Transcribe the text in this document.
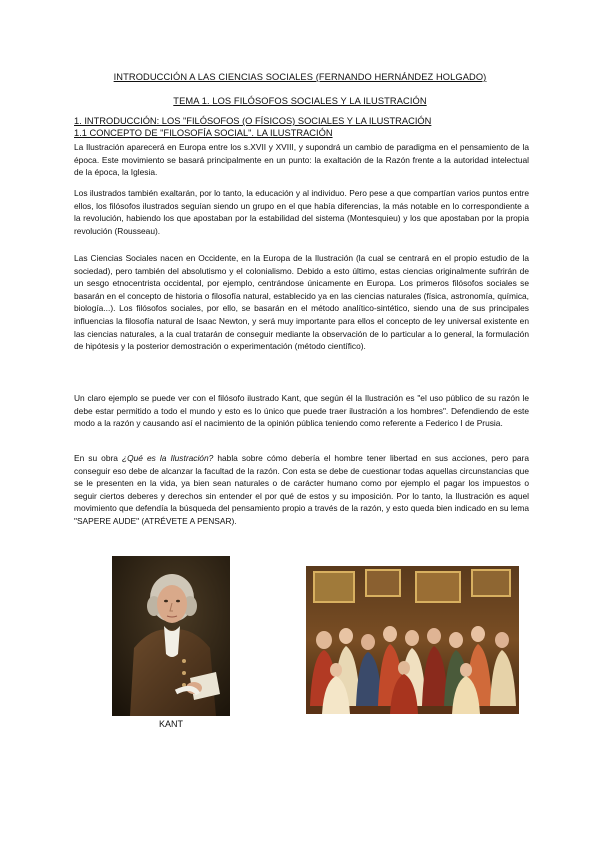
INTRODUCCIÓN A LAS CIENCIAS SOCIALES (FERNANDO HERNÁNDEZ HOLGADO)
TEMA 1. LOS FILÓSOFOS SOCIALES Y LA ILUSTRACIÓN
1. INTRODUCCIÓN: LOS "FILÓSOFOS (O FÍSICOS) SOCIALES Y LA ILUSTRACIÓN
1.1 CONCEPTO DE "FILOSOFÍA SOCIAL". LA ILUSTRACIÓN

La Ilustración aparecerá en Europa entre los s.XVII y XVIII, y supondrá un cambio de paradigma en el pensamiento de la época. Este movimiento se basará principalmente en un punto: la exaltación de la Razón frente a la autoridad intelectual de la época, la Iglesia.

Los ilustrados también exaltarán, por lo tanto, la educación y al individuo. Pero pese a que compartían varios puntos entre ellos, los filósofos ilustrados seguían siendo un grupo en el que había diferencias, la más notable en lo correspondiente a la revolución, habiendo los que apostaban por la estabilidad del sistema (Montesquieu) y los que apostaban por la propia revolución (Rousseau).

Las Ciencias Sociales nacen en Occidente, en la Europa de la Ilustración (la cual se centrará en el propio estudio de la sociedad), pero también del absolutismo y el colonialismo. Debido a esto último, estas ciencias originalmente sufrirán de un sesgo etnocentrista occidental, por ejemplo, centrándose únicamente en Europa. Los primeros filósofos sociales se basarán en el concepto de historia o filosofía natural, establecido ya en las ciencias naturales (física, astronomía, química, biología...). Los filósofos sociales, por ello, se basarán en el método analítico-sintético, siendo una de sus principales influencias la filosofía natural de Isaac Newton, y será muy importante para ellos el concepto de ley universal existente en las ciencias naturales, a la cual tratarán de conseguir mediante la observación de lo particular a lo general, la formulación de hipótesis y la posterior demostración o experimentación (método científico).

Un claro ejemplo se puede ver con el filósofo ilustrado Kant, que según él la Ilustración es "el uso público de su razón le debe estar permitido a todo el mundo y esto es lo único que puede traer ilustración a los hombres". Defendiendo de este modo a la razón y causando así el nacimiento de la opinión pública teniendo como referente a Federico I de Prusia.

En su obra ¿Qué es la Ilustración? habla sobre cómo debería el hombre tener libertad en sus acciones, pero para conseguir eso debe de alcanzar la facultad de la razón. Con esta se debe de cuestionar todas aquellas circunstancias que se le presenten en la vida, ya bien sean naturales o de carácter humano como por ejemplo el pagar los impuestos o seguir ciertos deberes y derechos sin entender el por qué de estos y su imposición. Por lo tanto, la Ilustración es aquel movimiento que defendía la búsqueda del pensamiento propio a través de la razón, y esto queda bien indicado en su lema "SAPERE AUDE" (ATRÉVETE A PENSAR).

KANT
